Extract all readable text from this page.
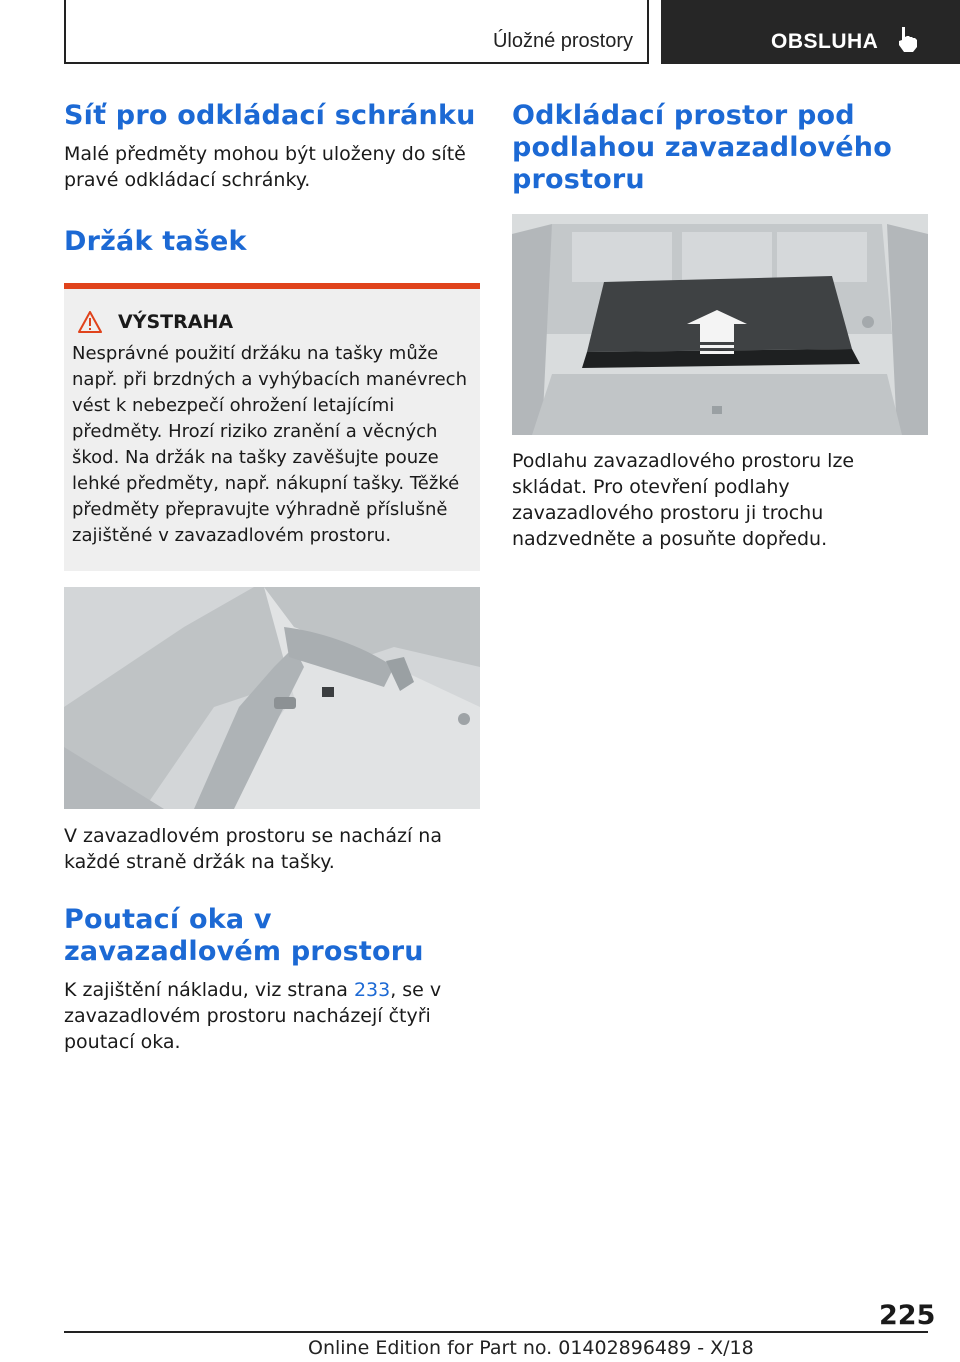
Úložné prostory	OBSLUHA
Síť pro odkládací schránku

Malé předměty mohou být uloženy do sítě pravé odkládací schránky.

Držák tašek
VÝSTRAHA
Nesprávné použití držáku na tašky může např. při brzdných a vyhýbacích manévrech vést k nebezpečí ohrožení letajícími předměty. Hrozí riziko zranění a věcných škod. Na držák na tašky zavěšujte pouze lehké předměty, např. nákupní tašky. Těžké předměty přepravujte výhradně příslušně zajištěné v zavazadlovém prostoru.

V zavazadlovém prostoru se nachází na každé straně držák na tašky.

Poutací oka v zavazadlovém prostoru

K zajištění nákladu, viz strana 233, se v zavazadlovém prostoru nacházejí čtyři poutací oka.

Odkládací prostor pod podlahou zavazadlového prostoru

Podlahu zavazadlového prostoru lze skládat. Pro otevření podlahy zavazadlového prostoru ji trochu nadzvedněte a posuňte dopředu.

225
Online Edition for Part no. 01402896489 - X/18
